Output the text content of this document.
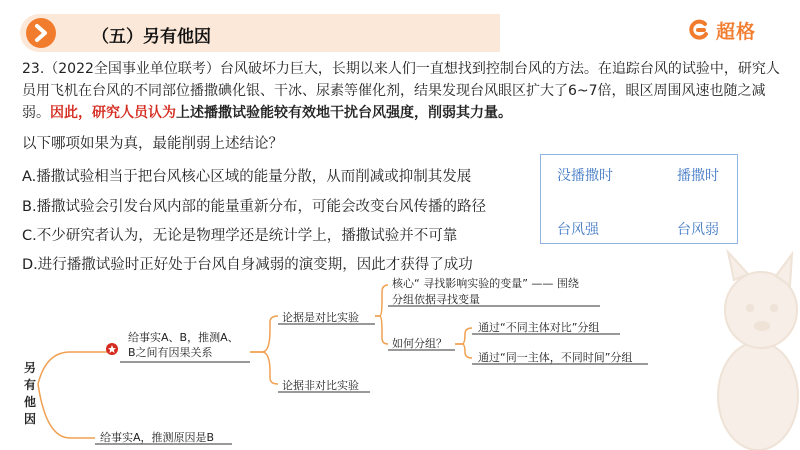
（五）另有他因	超格
23.（2022全国事业单位联考）台风破坏力巨大，长期以来人们一直想找到控制台风的方法。在追踪台风的试验中，研究人员用飞机在台风的不同部位播撒碘化银、干冰、尿素等催化剂，结果发现台风眼区扩大了6~7倍，眼区周围风速也随之减弱。因此，研究人员认为上述播撒试验能较有效地干扰台风强度，削弱其力量。
以下哪项如果为真，最能削弱上述结论？
A.播撒试验相当于把台风核心区域的能量分散，从而削减或抑制其发展
B.播撒试验会引发台风内部的能量重新分布，可能会改变台风传播的路径
C.不少研究者认为，无论是物理学还是统计学上，播撒试验并不可靠
D.进行播撒试验时正好处于台风自身减弱的演变期，因此才获得了成功
没播撒时	播撒时
台风强	台风弱
另有他因
给事实A、B，推测A、
B之间有因果关系
论据是对比实验
核心“ 寻找影响实验的变量” —— 围绕
分组依据寻找变量
如何分组？
通过“不同主体对比”分组
通过“同一主体，不同时间”分组
论据非对比实验
给事实A，推测原因是B
